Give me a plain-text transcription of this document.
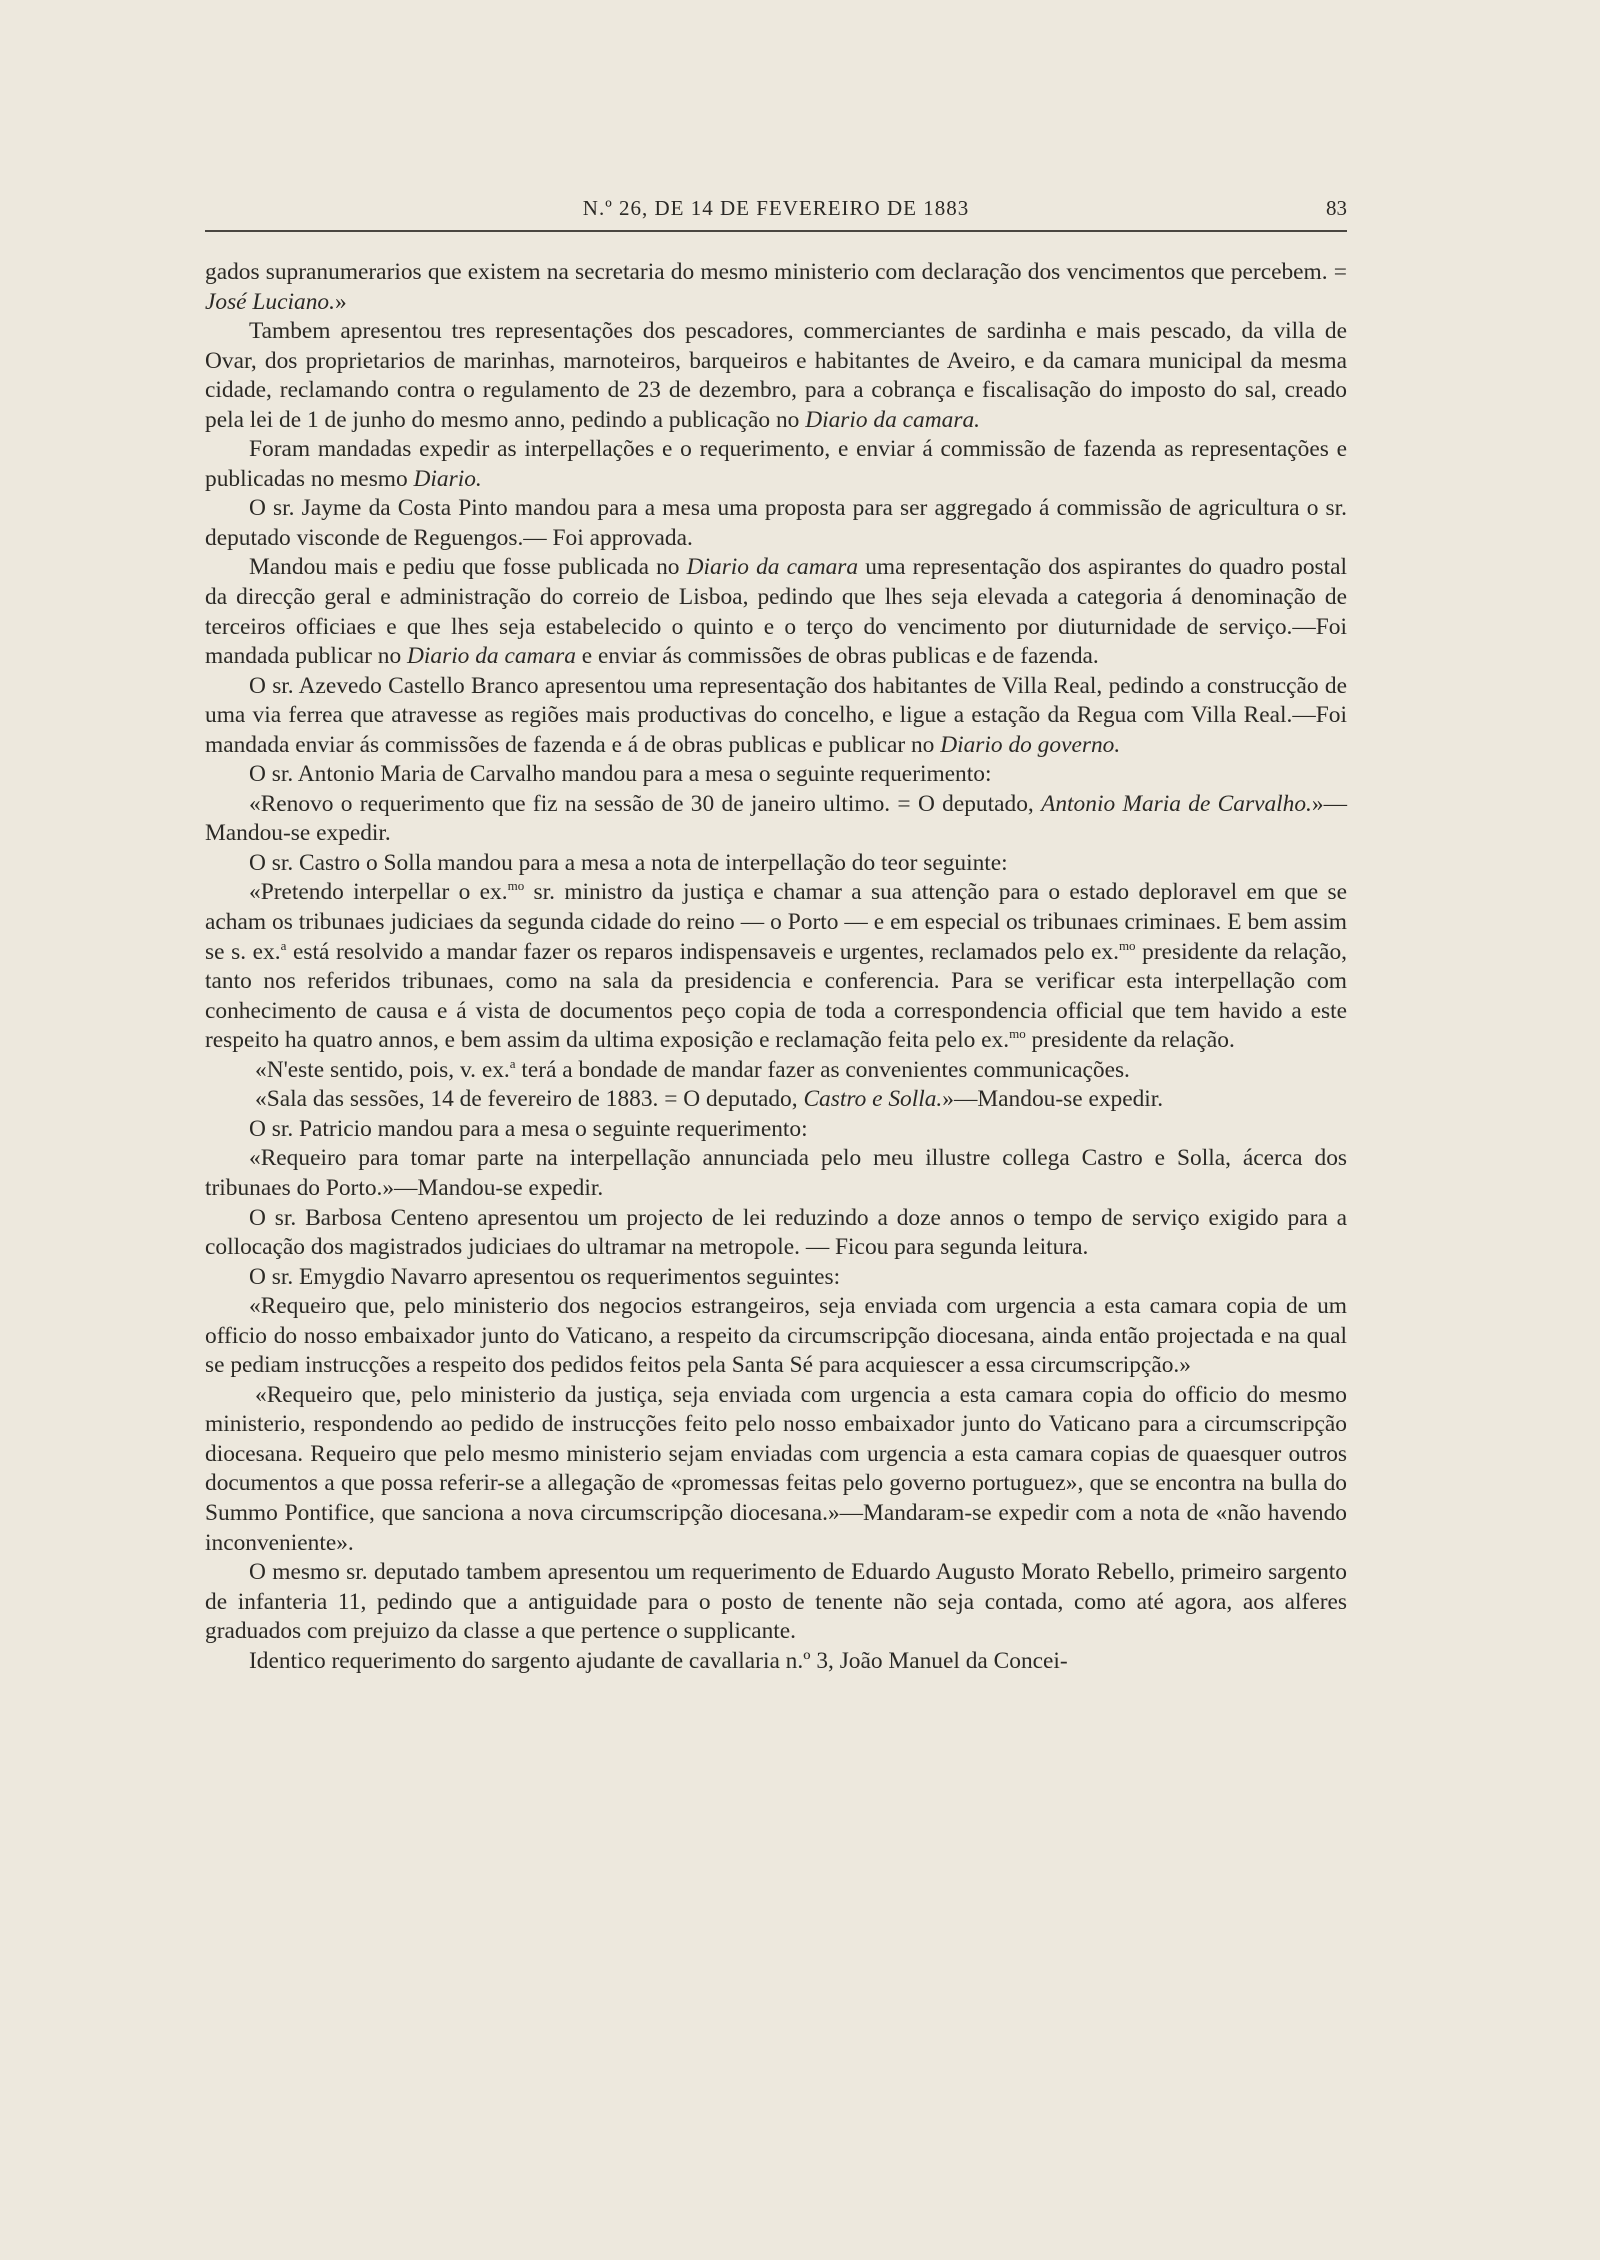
N.º 26, DE 14 DE FEVEREIRO DE 1883	83

gados supranumerarios que existem na secretaria do mesmo ministerio com declaração dos vencimentos que percebem. = José Luciano.»

Tambem apresentou tres representações dos pescadores, commerciantes de sardinha e mais pescado, da villa de Ovar, dos proprietarios de marinhas, marnoteiros, barqueiros e habitantes de Aveiro, e da camara municipal da mesma cidade, reclamando contra o regulamento de 23 de dezembro, para a cobrança e fiscalisação do imposto do sal, creado pela lei de 1 de junho do mesmo anno, pedindo a publicação no Diario da camara.

Foram mandadas expedir as interpellações e o requerimento, e enviar á commissão de fazenda as representações e publicadas no mesmo Diario.

O sr. Jayme da Costa Pinto mandou para a mesa uma proposta para ser aggregado á commissão de agricultura o sr. deputado visconde de Reguengos.— Foi approvada.

Mandou mais e pediu que fosse publicada no Diario da camara uma representação dos aspirantes do quadro postal da direcção geral e administração do correio de Lisboa, pedindo que lhes seja elevada a categoria á denominação de terceiros officiaes e que lhes seja estabelecido o quinto e o terço do vencimento por diuturnidade de serviço.—Foi mandada publicar no Diario da camara e enviar ás commissões de obras publicas e de fazenda.

O sr. Azevedo Castello Branco apresentou uma representação dos habitantes de Villa Real, pedindo a construcção de uma via ferrea que atravesse as regiões mais productivas do concelho, e ligue a estação da Regua com Villa Real.—Foi mandada enviar ás commissões de fazenda e á de obras publicas e publicar no Diario do governo.

O sr. Antonio Maria de Carvalho mandou para a mesa o seguinte requerimento:

«Renovo o requerimento que fiz na sessão de 30 de janeiro ultimo. = O deputado, Antonio Maria de Carvalho.»—Mandou-se expedir.

O sr. Castro o Solla mandou para a mesa a nota de interpellação do teor seguinte:

«Pretendo interpellar o ex.$^{mo}$ sr. ministro da justiça e chamar a sua attenção para o estado deploravel em que se acham os tribunaes judiciaes da segunda cidade do reino — o Porto — e em especial os tribunaes criminaes. E bem assim se s. ex.$^a$ está resolvido a mandar fazer os reparos indispensaveis e urgentes, reclamados pelo ex.$^{mo}$ presidente da relação, tanto nos referidos tribunaes, como na sala da presidencia e conferencia. Para se verificar esta interpellação com conhecimento de causa e á vista de documentos peço copia de toda a correspondencia official que tem havido a este respeito ha quatro annos, e bem assim da ultima exposição e reclamação feita pelo ex.$^{mo}$ presidente da relação.

«N'este sentido, pois, v. ex.$^a$ terá a bondade de mandar fazer as convenientes communicações.

«Sala das sessões, 14 de fevereiro de 1883. = O deputado, Castro e Solla.»—Mandou-se expedir.

O sr. Patricio mandou para a mesa o seguinte requerimento:

«Requeiro para tomar parte na interpellação annunciada pelo meu illustre collega Castro e Solla, ácerca dos tribunaes do Porto.»—Mandou-se expedir.

O sr. Barbosa Centeno apresentou um projecto de lei reduzindo a doze annos o tempo de serviço exigido para a collocação dos magistrados judiciaes do ultramar na metropole. — Ficou para segunda leitura.

O sr. Emygdio Navarro apresentou os requerimentos seguintes:

«Requeiro que, pelo ministerio dos negocios estrangeiros, seja enviada com urgencia a esta camara copia de um officio do nosso embaixador junto do Vaticano, a respeito da circumscripção diocesana, ainda então projectada e na qual se pediam instrucções a respeito dos pedidos feitos pela Santa Sé para acquiescer a essa circumscripção.»

«Requeiro que, pelo ministerio da justiça, seja enviada com urgencia a esta camara copia do officio do mesmo ministerio, respondendo ao pedido de instrucções feito pelo nosso embaixador junto do Vaticano para a circumscripção diocesana. Requeiro que pelo mesmo ministerio sejam enviadas com urgencia a esta camara copias de quaesquer outros documentos a que possa referir-se a allegação de «promessas feitas pelo governo portuguez», que se encontra na bulla do Summo Pontifice, que sanciona a nova circumscripção diocesana.»—Mandaram-se expedir com a nota de «não havendo inconveniente».

O mesmo sr. deputado tambem apresentou um requerimento de Eduardo Augusto Morato Rebello, primeiro sargento de infanteria 11, pedindo que a antiguidade para o posto de tenente não seja contada, como até agora, aos alferes graduados com prejuizo da classe a que pertence o supplicante.

Identico requerimento do sargento ajudante de cavallaria n.º 3, João Manuel da Concei-
